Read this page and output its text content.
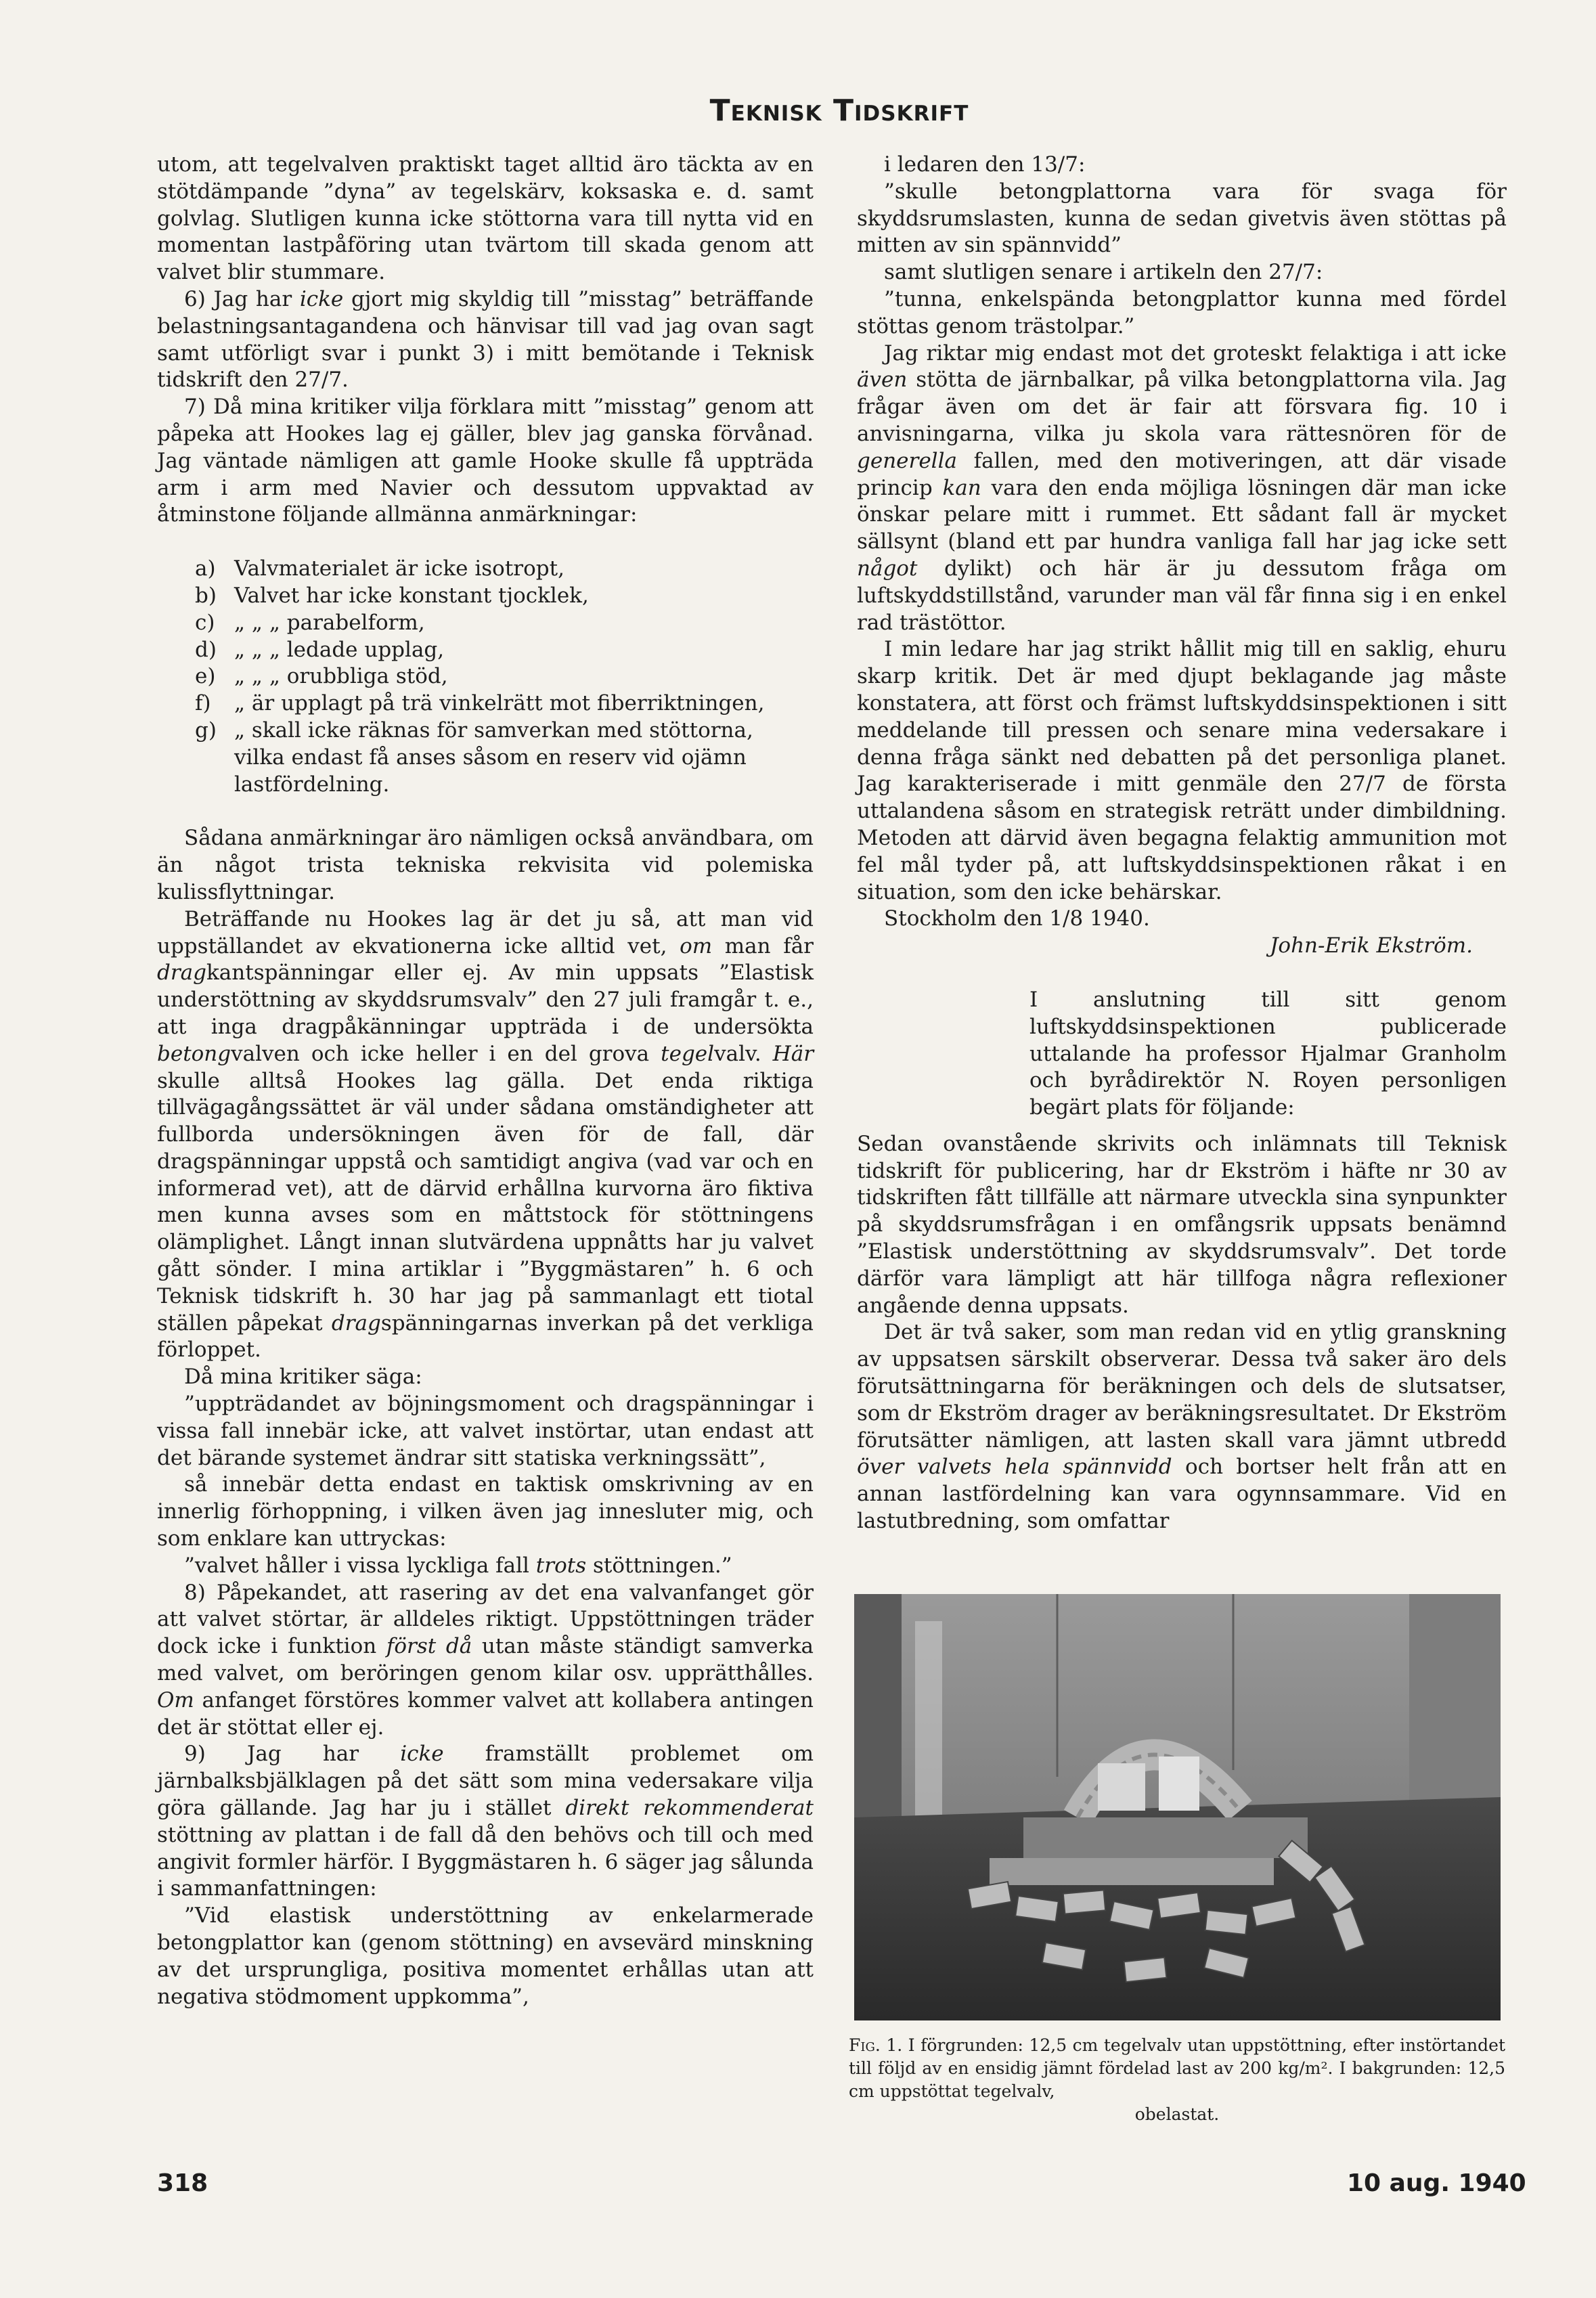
Teknisk Tidskrift

utom, att tegelvalven praktiskt taget alltid äro täckta av en stötdämpande ”dyna” av tegelskärv, koksaska e. d. samt golvlag. Slutligen kunna icke stöttorna vara till nytta vid en momentan lastpåföring utan tvärtom till skada genom att valvet blir stummare.

6) Jag har icke gjort mig skyldig till ”misstag” beträffande belastningsantagandena och hänvisar till vad jag ovan sagt samt utförligt svar i punkt 3) i mitt bemötande i Teknisk tidskrift den 27/7.

7) Då mina kritiker vilja förklara mitt ”misstag” genom att påpeka att Hookes lag ej gäller, blev jag ganska förvånad. Jag väntade nämligen att gamle Hooke skulle få uppträda arm i arm med Navier och dessutom uppvaktad av åtminstone följande allmänna anmärkningar:

a) Valvmaterialet är icke isotropt,
b) Valvet har icke konstant tjocklek,
c) „ „ „ parabelform,
d) „ „ „ ledade upplag,
e) „ „ „ orubbliga stöd,
f)	„ är upplagt på trä vinkelrätt mot fiberriktningen,
g) „ skall icke räknas för samverkan med stöttorna, vilka endast få anses såsom en reserv vid ojämn lastfördelning.

Sådana anmärkningar äro nämligen också användbara, om än något trista tekniska rekvisita vid polemiska kulissflyttningar.

Beträffande nu Hookes lag är det ju så, att man vid uppställandet av ekvationerna icke alltid vet, om man får dragkantspänningar eller ej. Av min uppsats ”Elastisk understöttning av skyddsrumsvalv” den 27 juli framgår t. e., att inga dragpåkänningar uppträda i de undersökta betongvalven och icke heller i en del grova tegelvalv. Här skulle alltså Hookes lag gälla. Det enda riktiga tillvägagångssättet är väl under sådana omständigheter att fullborda undersökningen även för de fall, där dragspänningar uppstå och samtidigt angiva (vad var och en informerad vet), att de därvid erhållna kurvorna äro fiktiva men kunna avses som en måttstock för stöttningens olämplighet. Långt innan slutvärdena uppnåtts har ju valvet gått sönder. I mina artiklar i ”Byggmästaren” h. 6 och Teknisk tidskrift h. 30 har jag på sammanlagt ett tiotal ställen påpekat dragspänningarnas inverkan på det verkliga förloppet.

Då mina kritiker säga:

”uppträdandet av böjningsmoment och dragspänningar i vissa fall innebär icke, att valvet instörtar, utan endast att det bärande systemet ändrar sitt statiska verkningssätt”,

så innebär detta endast en taktisk omskrivning av en innerlig förhoppning, i vilken även jag innesluter mig, och som enklare kan uttryckas:

”valvet håller i vissa lyckliga fall trots stöttningen.”

8) Påpekandet, att rasering av det ena valvanfanget gör att valvet störtar, är alldeles riktigt. Uppstöttningen träder dock icke i funktion först då utan måste ständigt samverka med valvet, om beröringen genom kilar osv. upprätthålles. Om anfanget förstöres kommer valvet att kollabera antingen det är stöttat eller ej.

9) Jag har icke framställt problemet om järnbalksbjälklagen på det sätt som mina vedersakare vilja göra gällande. Jag har ju i stället direkt rekommenderat stöttning av plattan i de fall då den behövs och till och med angivit formler härför. I Byggmästaren h. 6 säger jag sålunda i sammanfattningen:

”Vid elastisk understöttning av enkelarmerade betongplattor kan (genom stöttning) en avsevärd minskning av det ursprungliga, positiva momentet erhållas utan att negativa stödmoment uppkomma”,

i ledaren den 13/7:

”skulle betongplattorna vara för svaga för skyddsrumslasten, kunna de sedan givetvis även stöttas på mitten av sin spännvidd”

samt slutligen senare i artikeln den 27/7:

”tunna, enkelspända betongplattor kunna med fördel stöttas genom trästolpar.”

Jag riktar mig endast mot det groteskt felaktiga i att icke även stötta de järnbalkar, på vilka betongplattorna vila. Jag frågar även om det är fair att försvara fig. 10 i anvisningarna, vilka ju skola vara rättesnören för de generella fallen, med den motiveringen, att där visade princip kan vara den enda möjliga lösningen där man icke önskar pelare mitt i rummet. Ett sådant fall är mycket sällsynt (bland ett par hundra vanliga fall har jag icke sett något dylikt) och här är ju dessutom fråga om luftskyddstillstånd, varunder man väl får finna sig i en enkel rad trästöttor.

I min ledare har jag strikt hållit mig till en saklig, ehuru skarp kritik. Det är med djupt beklagande jag måste konstatera, att först och främst luftskyddsinspektionen i sitt meddelande till pressen och senare mina vedersakare i denna fråga sänkt ned debatten på det personliga planet. Jag karakteriserade i mitt genmäle den 27/7 de första uttalandena såsom en strategisk reträtt under dimbildning. Metoden att därvid även begagna felaktig ammunition mot fel mål tyder på, att luftskyddsinspektionen råkat i en situation, som den icke behärskar.

Stockholm den 1/8 1940.

John-Erik Ekström.

I anslutning till sitt genom luftskyddsinspektionen publicerade uttalande ha professor Hjalmar Granholm och byrådirektör N. Royen personligen begärt plats för följande:

Sedan ovanstående skrivits och inlämnats till Teknisk tidskrift för publicering, har dr Ekström i häfte nr 30 av tidskriften fått tillfälle att närmare utveckla sina synpunkter på skyddsrumsfrågan i en omfångsrik uppsats benämnd ”Elastisk understöttning av skyddsrumsvalv”. Det torde därför vara lämpligt att här tillfoga några reflexioner angående denna uppsats.

Det är två saker, som man redan vid en ytlig granskning av uppsatsen särskilt observerar. Dessa två saker äro dels förutsättningarna för beräkningen och dels de slutsatser, som dr Ekström drager av beräkningsresultatet. Dr Ekström förutsätter nämligen, att lasten skall vara jämnt utbredd över valvets hela spännvidd och bortser helt från att en annan lastfördelning kan vara ogynnsammare. Vid en lastutbredning, som omfattar

Fig. 1. I förgrunden: 12,5 cm tegelvalv utan uppstöttning, efter instörtandet till följd av en ensidig jämnt fördelad last av 200 kg/m². I bakgrunden: 12,5 cm uppstöttat tegelvalv,
obelastat.
318	10 aug. 1940
